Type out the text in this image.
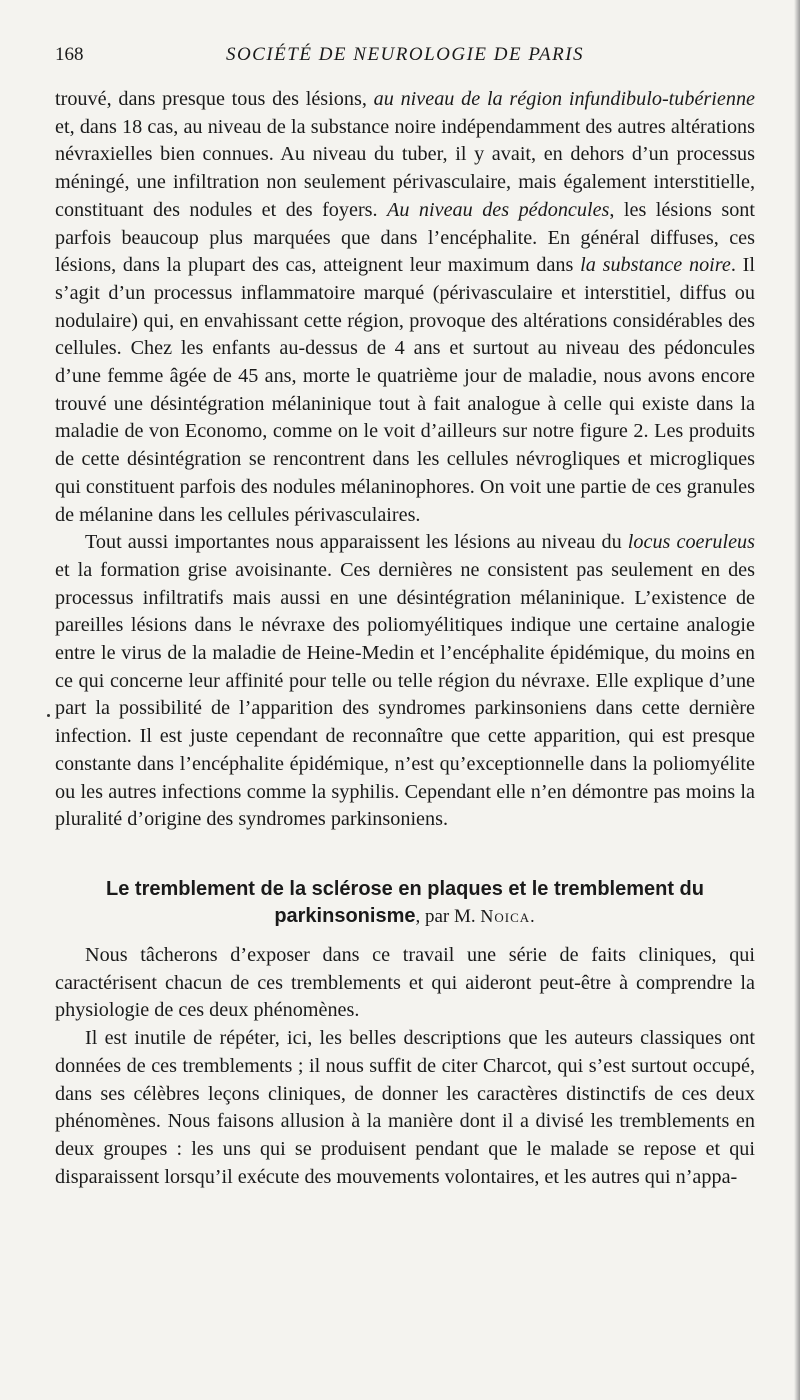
168	SOCIÉTÉ DE NEUROLOGIE DE PARIS

trouvé, dans presque tous des lésions, au niveau de la région infundibulo-tubérienne et, dans 18 cas, au niveau de la substance noire indépendamment des autres altérations névraxielles bien connues. Au niveau du tuber, il y avait, en dehors d’un processus méningé, une infiltration non seulement périvasculaire, mais également interstitielle, constituant des nodules et des foyers. Au niveau des pédoncules, les lésions sont parfois beaucoup plus marquées que dans l’encéphalite. En général diffuses, ces lésions, dans la plupart des cas, atteignent leur maximum dans la substance noire. Il s’agit d’un processus inflammatoire marqué (périvasculaire et interstitiel, diffus ou nodulaire) qui, en envahissant cette région, provoque des altérations considérables des cellules. Chez les enfants au-dessus de 4 ans et surtout au niveau des pédoncules d’une femme âgée de 45 ans, morte le quatrième jour de maladie, nous avons encore trouvé une désintégration mélaninique tout à fait analogue à celle qui existe dans la maladie de von Economo, comme on le voit d’ailleurs sur notre figure 2. Les produits de cette désintégration se rencontrent dans les cellules névrogliques et microgliques qui constituent parfois des nodules mélaninophores. On voit une partie de ces granules de mélanine dans les cellules périvasculaires.

Tout aussi importantes nous apparaissent les lésions au niveau du locus coeruleus et la formation grise avoisinante. Ces dernières ne consistent pas seulement en des processus infiltratifs mais aussi en une désintégration mélaninique. L’existence de pareilles lésions dans le névraxe des poliomyélitiques indique une certaine analogie entre le virus de la maladie de Heine-Medin et l’encéphalite épidémique, du moins en ce qui concerne leur affinité pour telle ou telle région du névraxe. Elle explique d’une part la possibilité de l’apparition des syndromes parkinsoniens dans cette dernière infection. Il est juste cependant de reconnaître que cette apparition, qui est presque constante dans l’encéphalite épidémique, n’est qu’exceptionnelle dans la poliomyélite ou les autres infections comme la syphilis. Cependant elle n’en démontre pas moins la pluralité d’origine des syndromes parkinsoniens.

Le tremblement de la sclérose en plaques et le tremblement du
parkinsonisme, par M. Noica.

Nous tâcherons d’exposer dans ce travail une série de faits cliniques, qui caractérisent chacun de ces tremblements et qui aideront peut-être à comprendre la physiologie de ces deux phénomènes.

Il est inutile de répéter, ici, les belles descriptions que les auteurs classiques ont données de ces tremblements ; il nous suffit de citer Charcot, qui s’est surtout occupé, dans ses célèbres leçons cliniques, de donner les caractères distinctifs de ces deux phénomènes. Nous faisons allusion à la manière dont il a divisé les tremblements en deux groupes : les uns qui se produisent pendant que le malade se repose et qui disparaissent lorsqu’il exécute des mouvements volontaires, et les autres qui n’appa-
